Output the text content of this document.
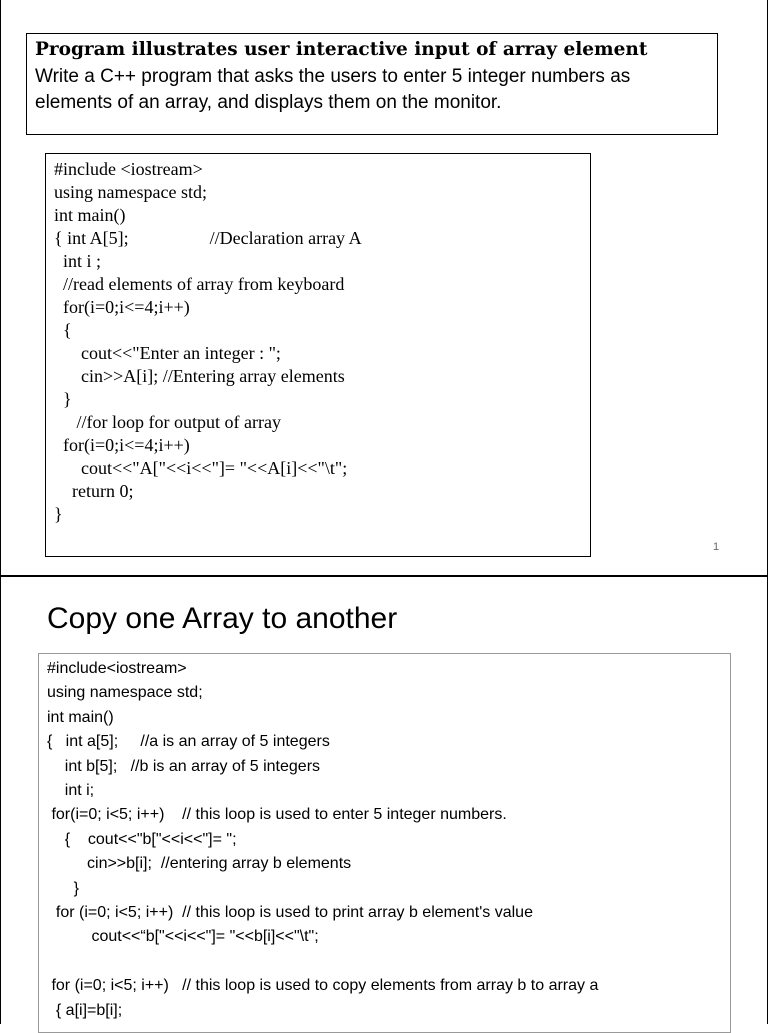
Program illustrates user interactive input of array element
Write a C++ program that asks the users to enter 5 integer numbers as elements of an array, and displays them on the monitor.
#include <iostream>
using namespace std;
int main()
{ int A[5];                  //Declaration array A
int i ;
//read elements of array from keyboard
for(i=0;i<=4;i++)
{
cout<<"Enter an integer : ";
cin>>A[i]; //Entering array elements
}
//for loop for output of array
for(i=0;i<=4;i++)
cout<<"A["<<i<<"]= "<<A[i]<<"\t";
return 0;
}
1
Copy one Array to another
#include<iostream>
using namespace std;
int main()
{   int a[5];     //a is an array of 5 integers
int b[5];   //b is an array of 5 integers
int i;
for(i=0; i<5; i++)    // this loop is used to enter 5 integer numbers.
{    cout<<"b["<<i<<"]= ";
cin>>b[i];  //entering array b elements
}
for (i=0; i<5; i++)  // this loop is used to print array b element's value
cout<<“b["<<i<<"]= "<<b[i]<<"\t";

for (i=0; i<5; i++)   // this loop is used to copy elements from array b to array a
{ a[i]=b[i];
